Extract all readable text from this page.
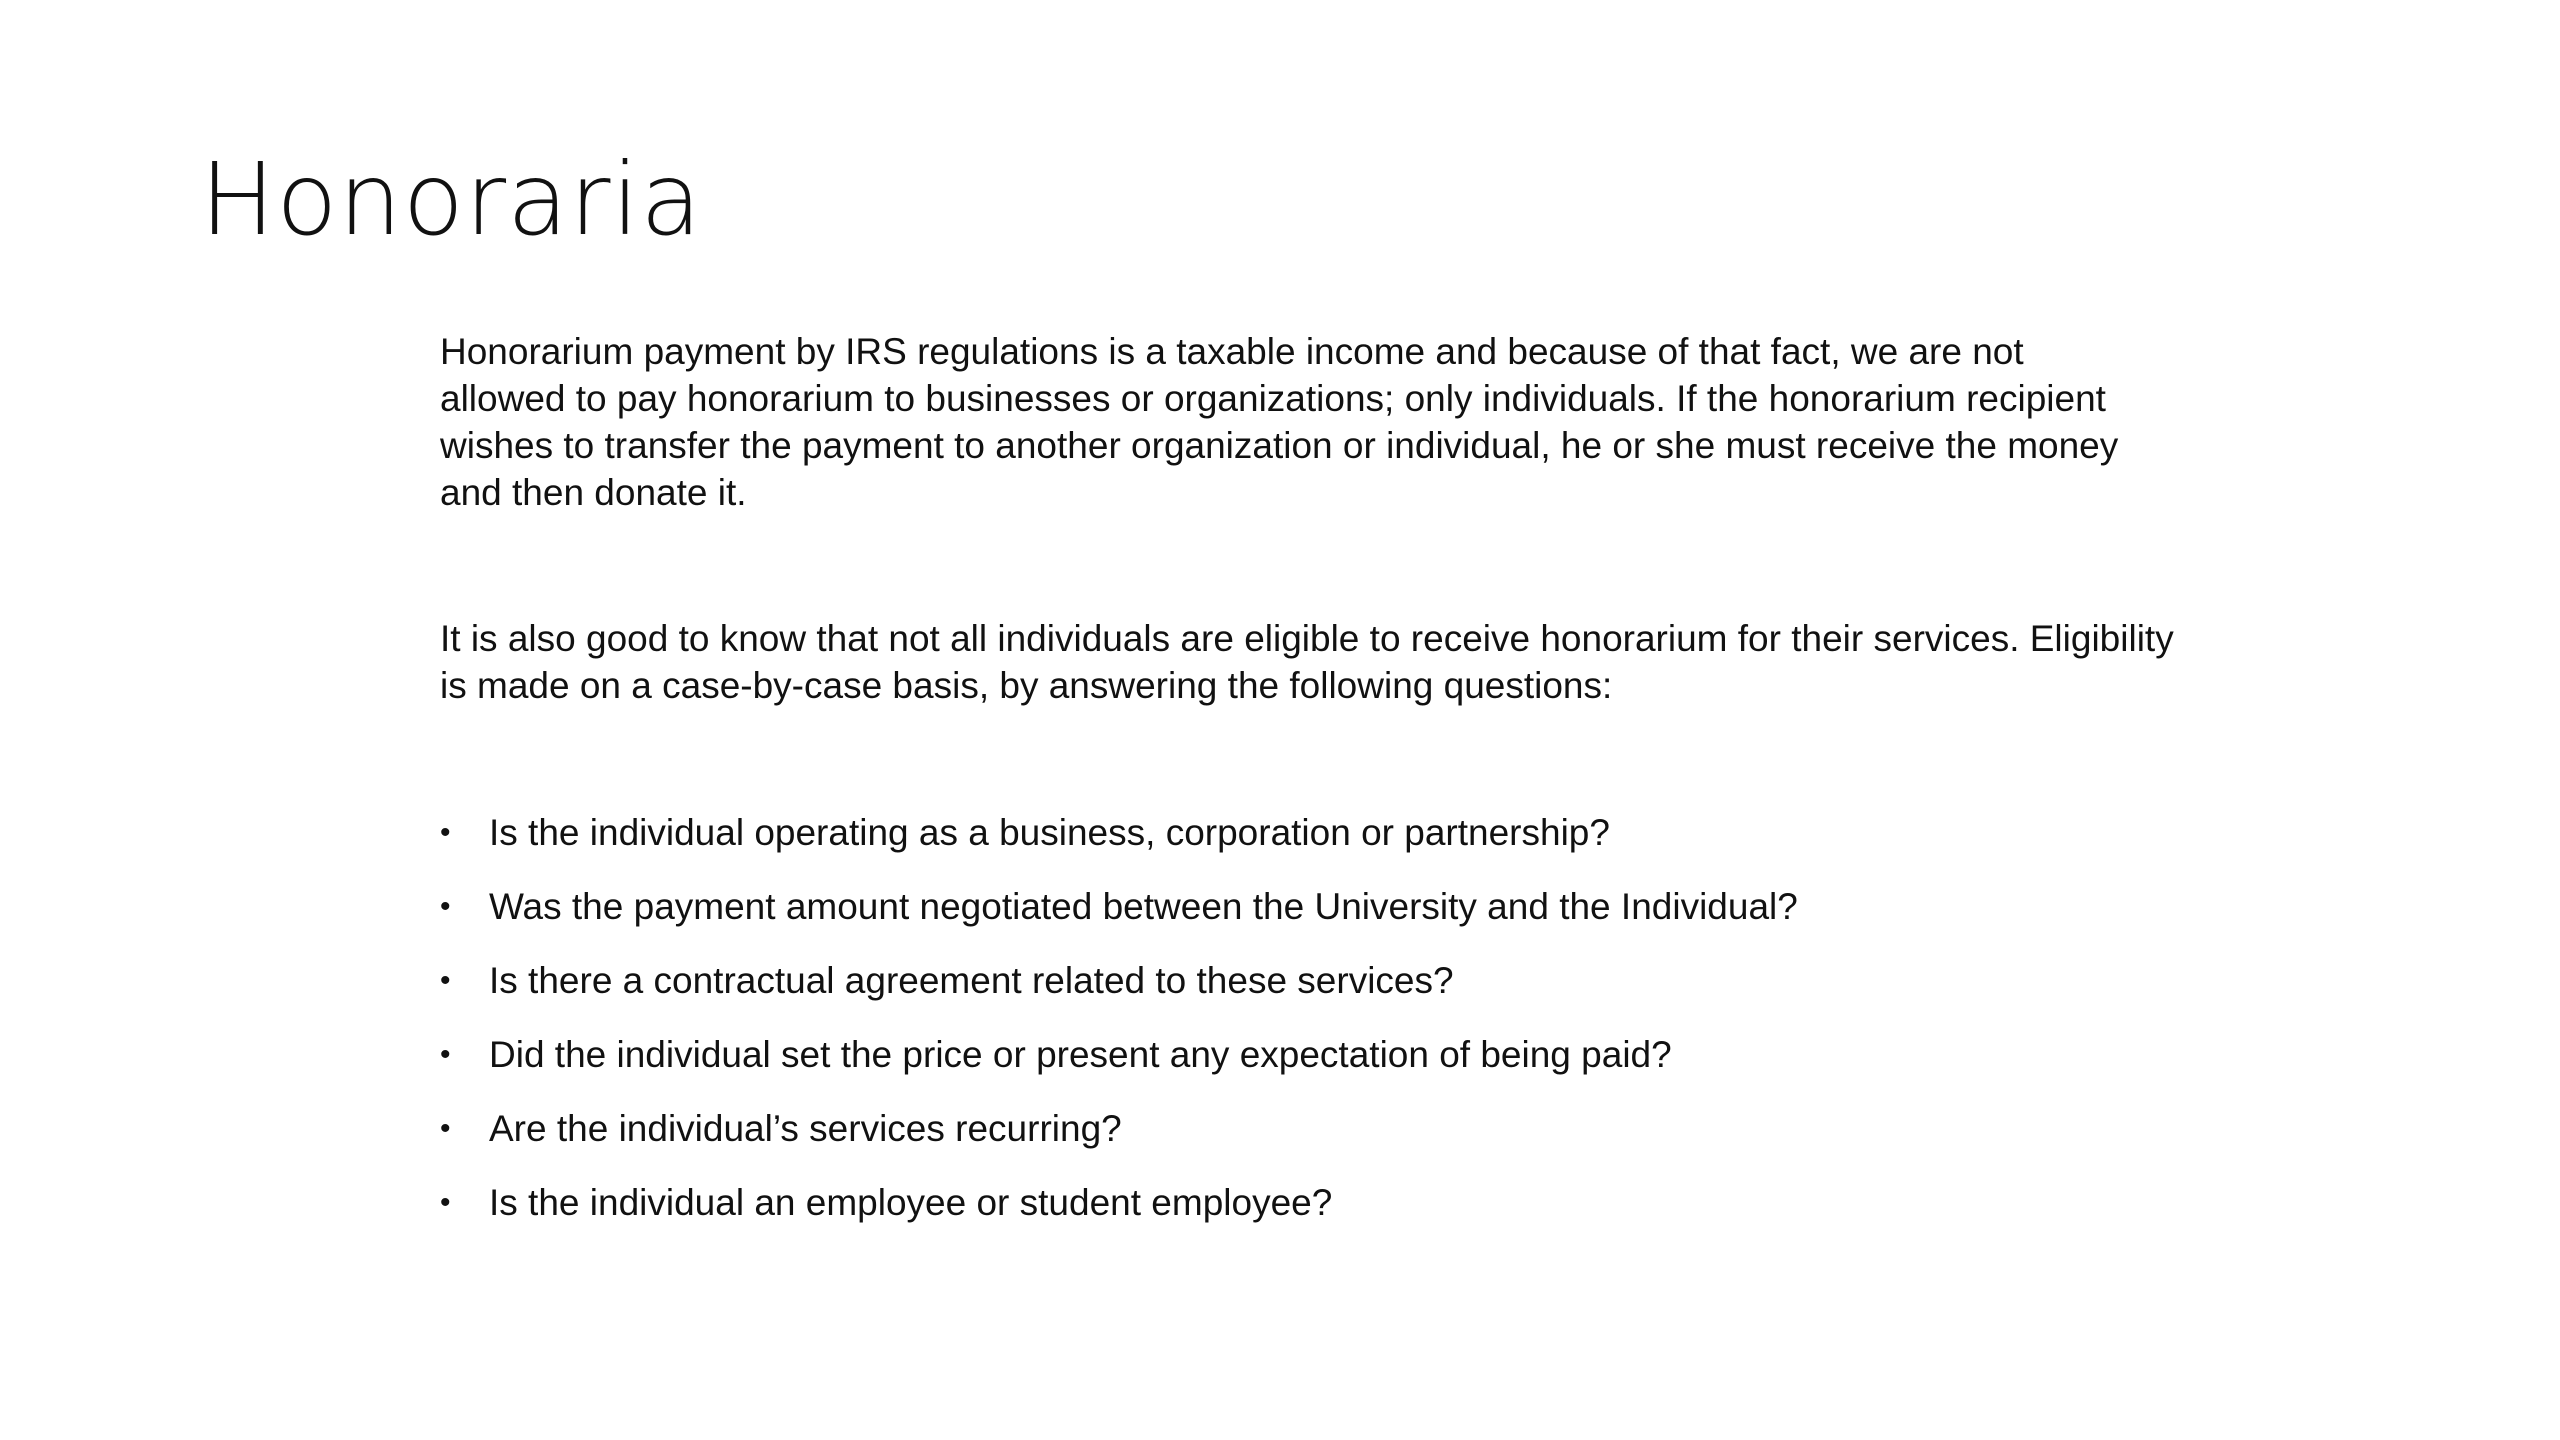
Honoraria

Honorarium payment by IRS regulations is a taxable income and because of that fact, we are not allowed to pay honorarium to businesses or organizations; only individuals. If the honorarium recipient wishes to transfer the payment to another organization or individual, he or she must receive the money and then donate it.

It is also good to know that not all individuals are eligible to receive honorarium for their services. Eligibility is made on a case-by-case basis, by answering the following questions:

• Is the individual operating as a business, corporation or partnership?
• Was the payment amount negotiated between the University and the Individual?
• Is there a contractual agreement related to these services?
• Did the individual set the price or present any expectation of being paid?
• Are the individual’s services recurring?
• Is the individual an employee or student employee?
